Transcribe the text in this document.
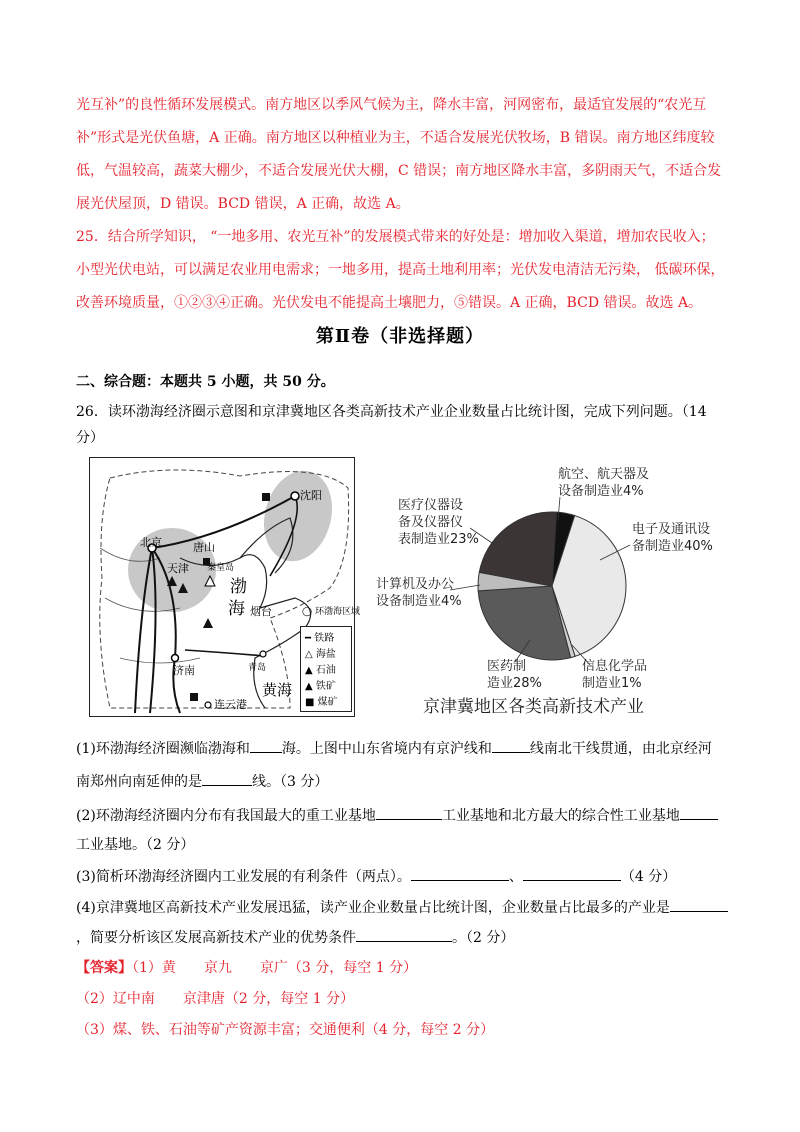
光互补”的良性循环发展模式。南方地区以季风气候为主，降水丰富，河网密布，最适宜发展的“农光互
补”形式是光伏鱼塘，A 正确。南方地区以种植业为主，不适合发展光伏牧场，B 错误。南方地区纬度较
低，气温较高，蔬菜大棚少，不适合发展光伏大棚，C 错误；南方地区降水丰富，多阴雨天气，不适合发
展光伏屋顶，D 错误。BCD 错误，A 正确，故选 A。
25．结合所学知识， “一地多用、农光互补”的发展模式带来的好处是：增加收入渠道，增加农民收入；
小型光伏电站，可以满足农业用电需求；一地多用，提高土地利用率；光伏发电清洁无污染， 低碳环保，
改善环境质量，①②③④正确。光伏发电不能提高土壤肥力，⑤错误。A 正确，BCD 错误。故选 A。
第Ⅱ卷（非选择题）
二、综合题：本题共 5 小题，共 50 分。
26．读环渤海经济圈示意图和京津冀地区各类高新技术产业企业数量占比统计图，完成下列问题。（14
分）
北京
天津
唐山
秦皇岛
沈阳
烟台
济南	青岛
连云港
渤
海
黄海
━ 铁路
△ 海盐
▲ 石油
▲ 铁矿
■ 煤矿
◯ 环渤海区域
航空、航天器及
设备制造业4%
电子及通讯设
备制造业40%
信息化学品
制造业1%
医药制
造业28%
计算机及办公
设备制造业4%
医疗仪器设
备及仪器仪
表制造业23%
京津冀地区各类高新技术产业
(1)环渤海经济圈濒临渤海和 海。上图中山东省境内有京沪线和	线南北干线贯通，由北京经河
南郑州向南延伸的是	线。（3 分）
(2)环渤海经济圈内分布有我国最大的重工业基地	工业基地和北方最大的综合性工业基地
工业基地。（2 分）
(3)简析环渤海经济圈内工业发展的有利条件（两点）。	、	（4 分）
(4)京津冀地区高新技术产业发展迅猛，读产业企业数量占比统计图，企业数量占比最多的产业是
，简要分析该区发展高新技术产业的优势条件	。（2 分）
【答案】（1）黄　　京九　　京广（3 分，每空 1 分）
（2）辽中南　　京津唐（2 分，每空 1 分）
（3）煤、铁、石油等矿产资源丰富；交通便利（4 分，每空 2 分）
